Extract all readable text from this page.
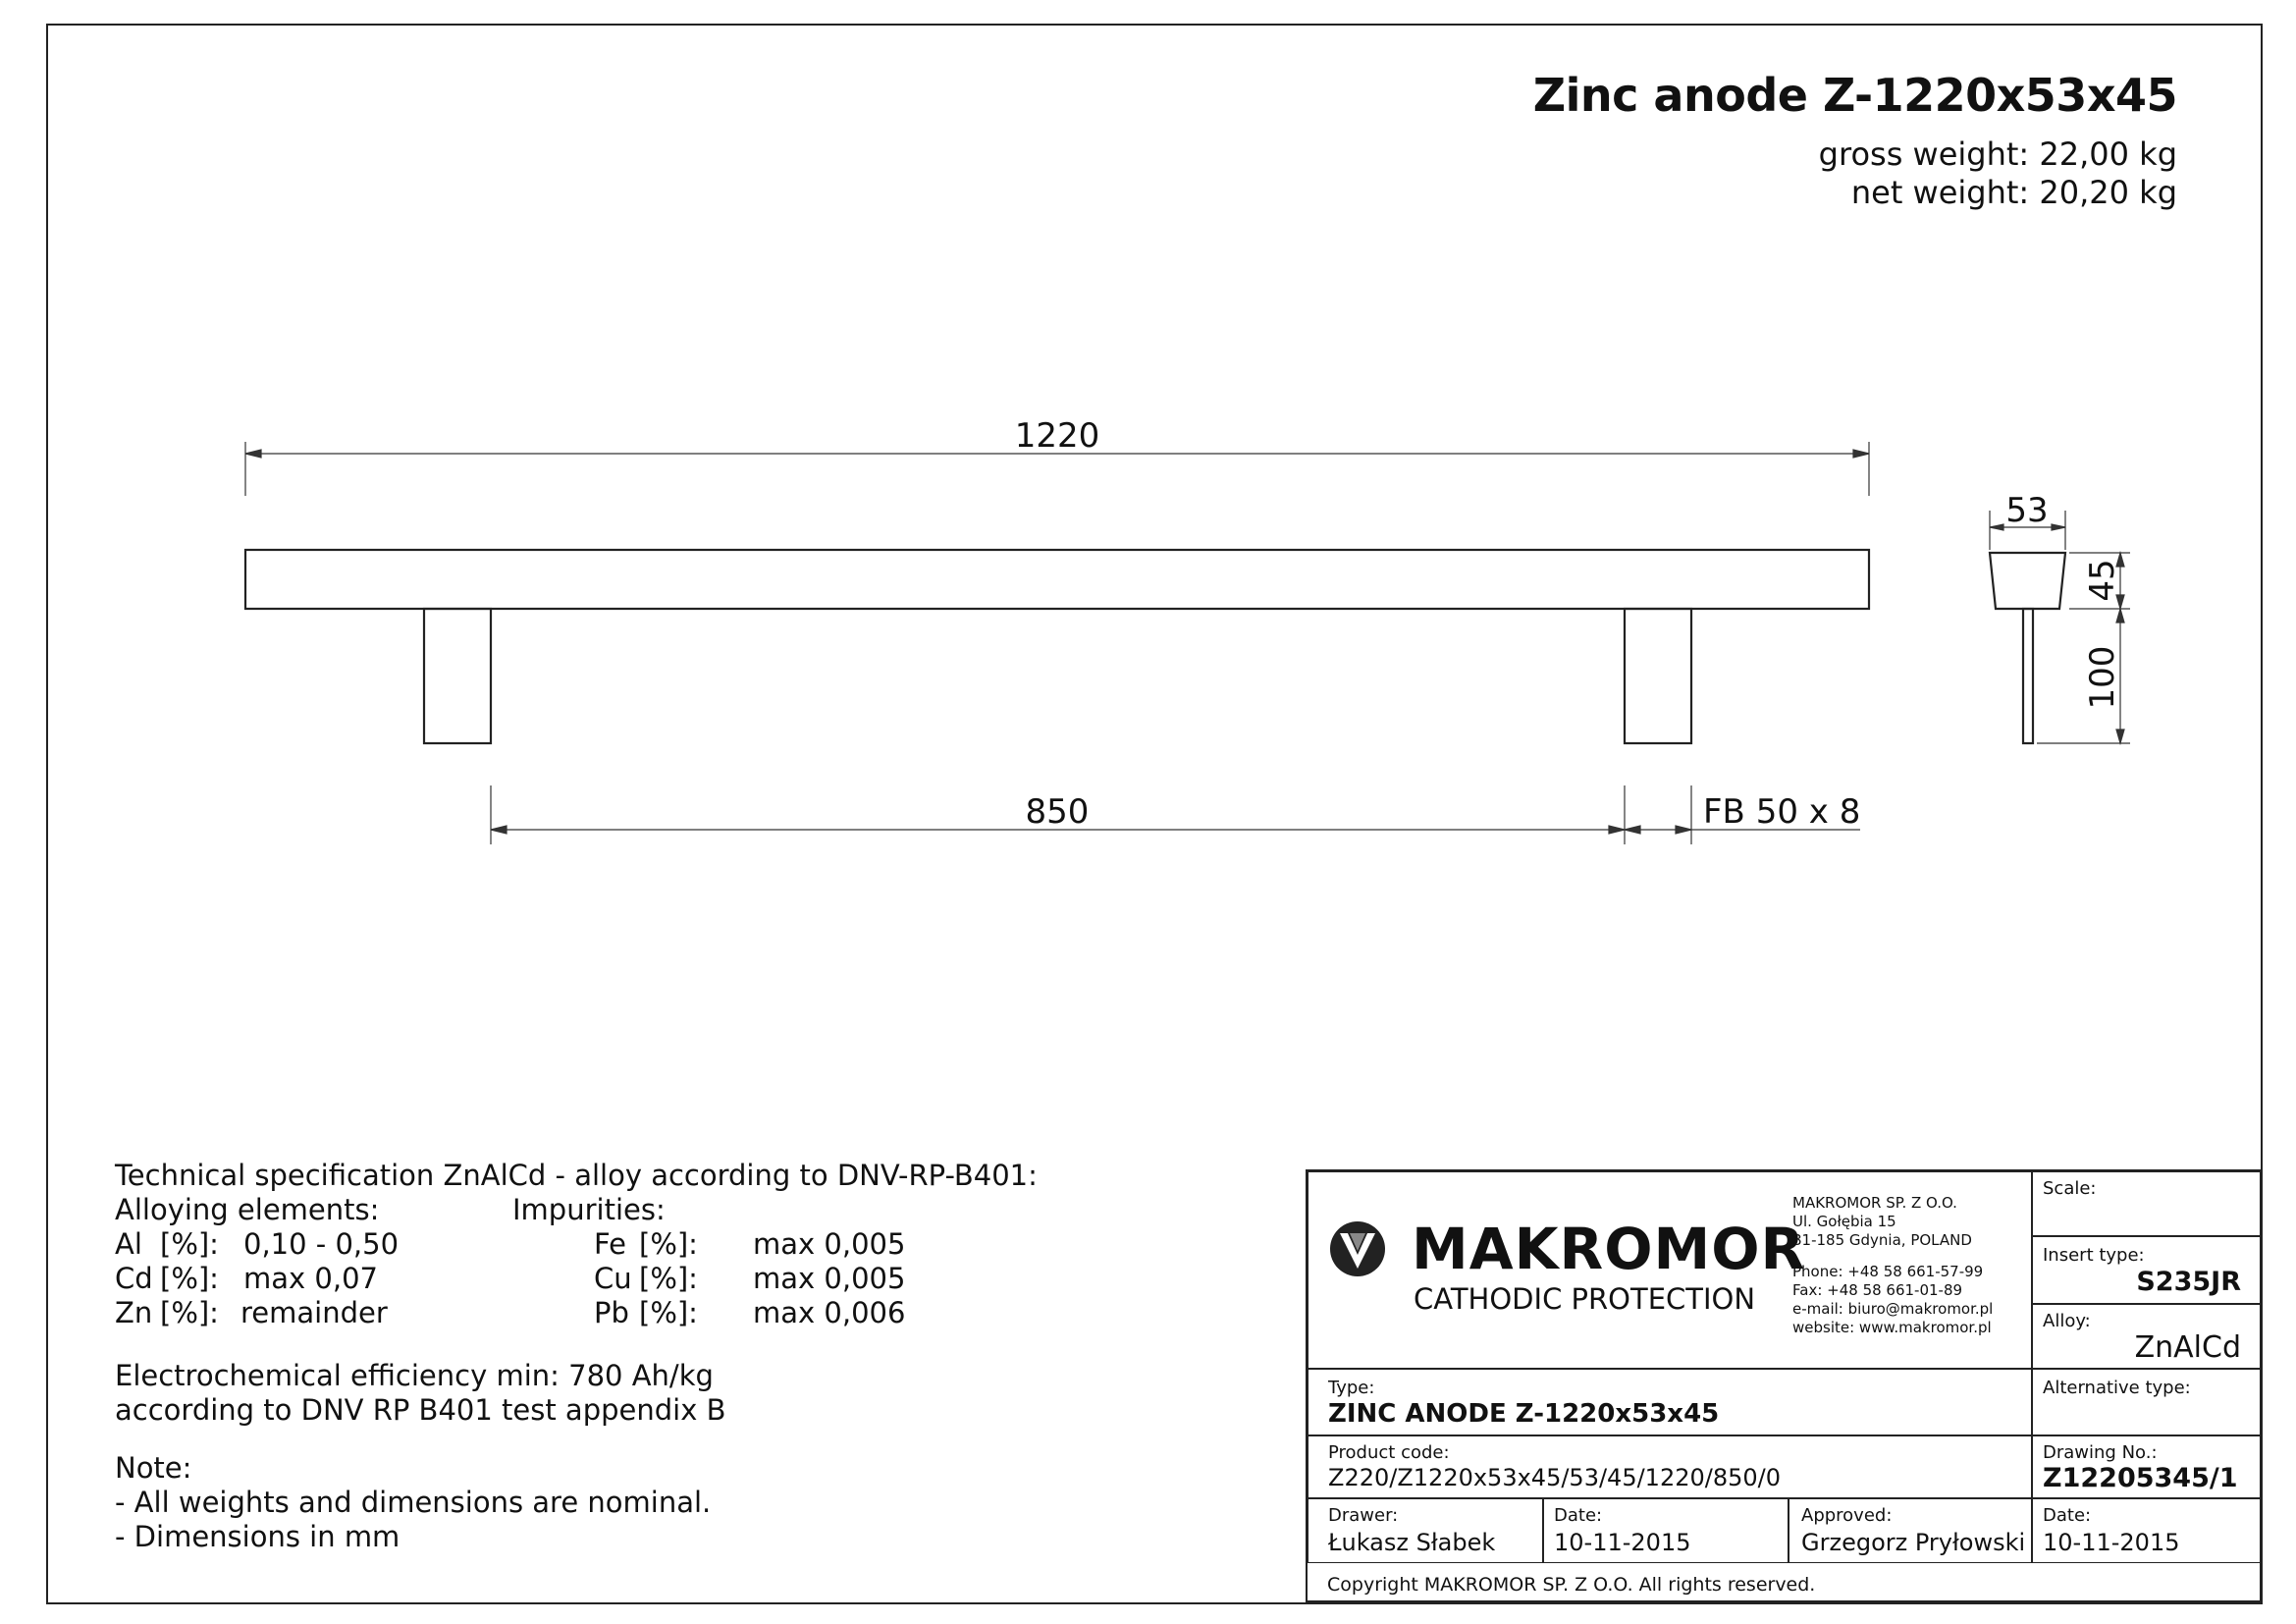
Zinc anode Z-1220x53x45
gross weight: 22,00 kg
net weight: 20,20 kg
1220
850	FB 50 x 8
53
45
100
Technical specification ZnAlCd - alloy according to DNV-RP-B401:
Alloying elements:	Impurities:
Al [%]: 0,10 - 0,50
Cd [%]: max 0,07
Zn [%]: remainder
Fe [%]: max 0,005
Cu [%]: max 0,005
Pb [%]: max 0,006
Electrochemical efficiency min: 780 Ah/kg
according to DNV RP B401 test appendix B
Note:
- All weights and dimensions are nominal.
- Dimensions in mm
MAKROMOR
CATHODIC PROTECTION
MAKROMOR SP. Z O.O.
Ul. Gołębia 15
81-185 Gdynia, POLAND
Phone: +48 58 661-57-99
Fax: +48 58 661-01-89
e-mail: biuro@makromor.pl
website: www.makromor.pl
Scale:
Insert type:
S235JR
Alloy:
ZnAlCd
Type:
ZINC ANODE Z-1220x53x45
Alternative type:
Product code:
Z220/Z1220x53x45/53/45/1220/850/0
Drawing No.:
Z12205345/1
Drawer:
Łukasz Słabek
Date:
10-11-2015
Approved:
Grzegorz Pryłowski
Date:
10-11-2015
Copyright MAKROMOR SP. Z O.O. All rights reserved.
